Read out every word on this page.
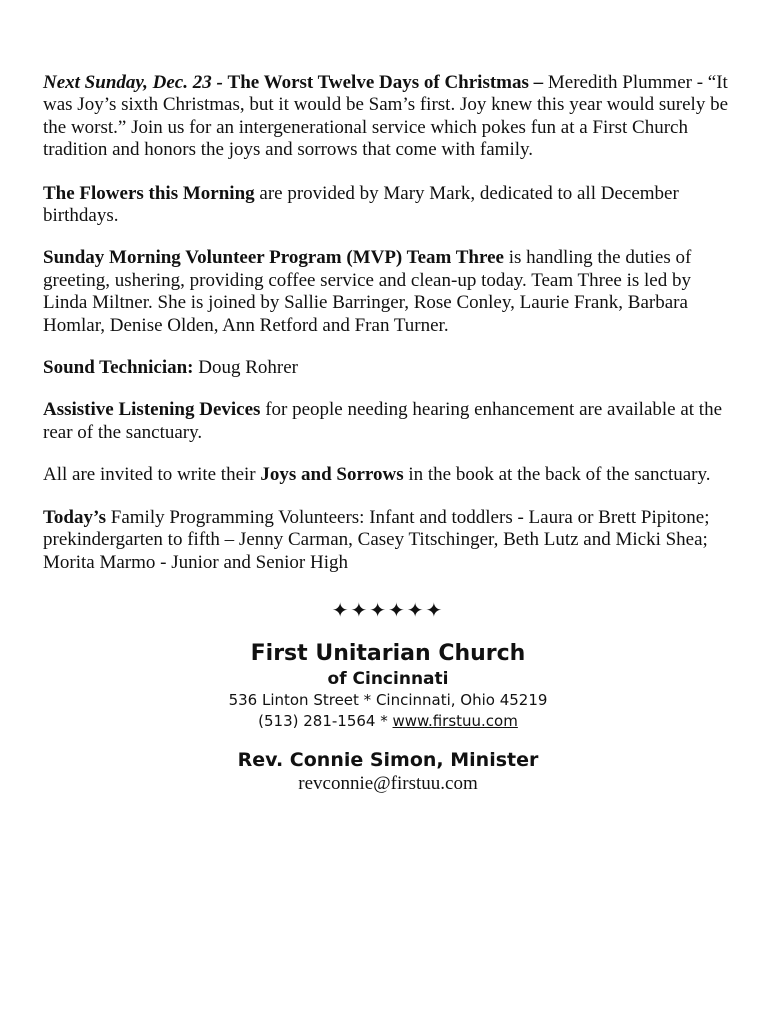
Next Sunday, Dec. 23 - The Worst Twelve Days of Christmas – Meredith Plummer - “It was Joy’s sixth Christmas, but it would be Sam’s first. Joy knew this year would surely be the worst.” Join us for an intergenerational service which pokes fun at a First Church tradition and honors the joys and sorrows that come with family.

The Flowers this Morning are provided by Mary Mark, dedicated to all December birthdays.

Sunday Morning Volunteer Program (MVP) Team Three is handling the duties of greeting, ushering, providing coffee service and clean-up today. Team Three is led by Linda Miltner. She is joined by Sallie Barringer, Rose Conley, Laurie Frank, Barbara Homlar, Denise Olden, Ann Retford and Fran Turner.

Sound Technician: Doug Rohrer

Assistive Listening Devices for people needing hearing enhancement are available at the rear of the sanctuary.

All are invited to write their Joys and Sorrows in the book at the back of the sanctuary.

Today’s Family Programming Volunteers: Infant and toddlers - Laura or Brett Pipitone; prekindergarten to fifth – Jenny Carman, Casey Titschinger, Beth Lutz and Micki Shea; Morita Marmo - Junior and Senior High

✦✦✦✦✦✦
First Unitarian Church
of Cincinnati
536 Linton Street * Cincinnati, Ohio 45219
(513) 281-1564 * www.firstuu.com
Rev. Connie Simon, Minister
revconnie@firstuu.com
